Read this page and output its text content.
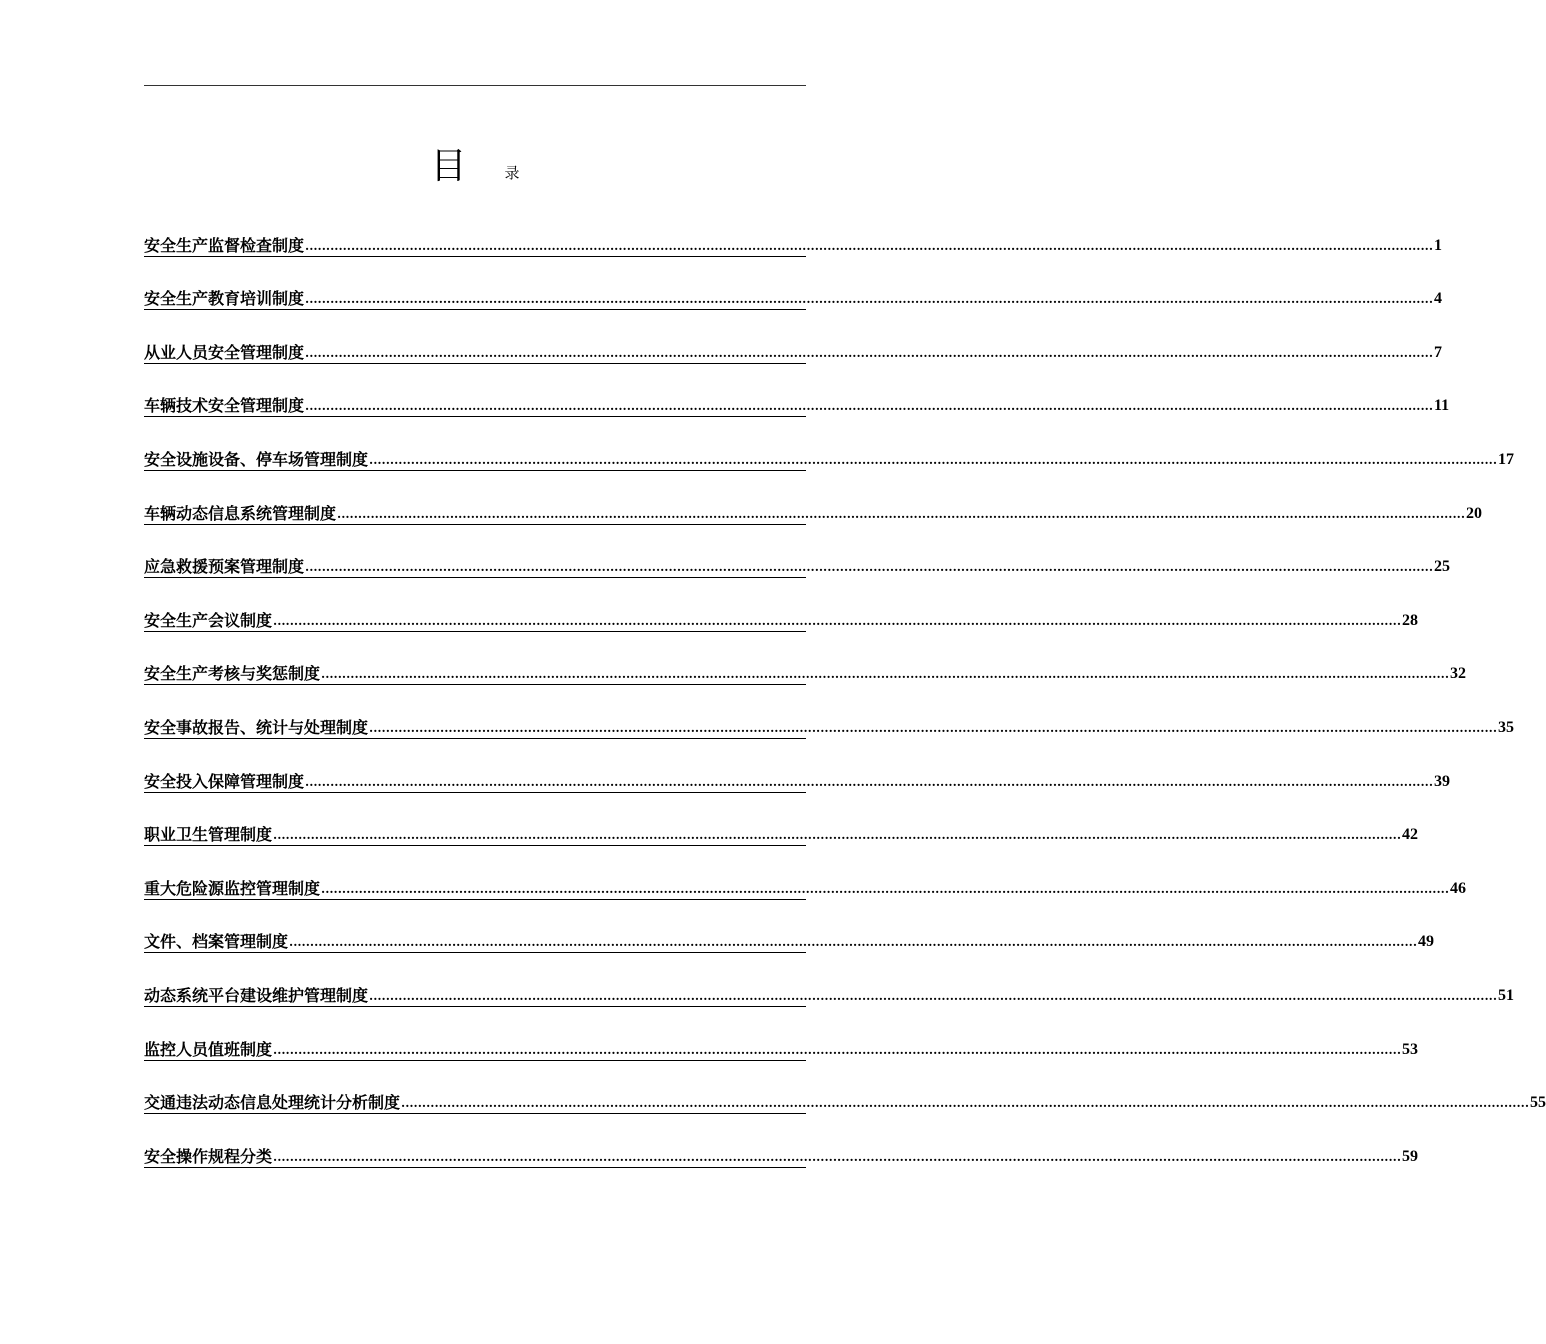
目	录
安全生产监督检查制度 .............................................................................................................................................................................................................................................................................. 1
安全生产教育培训制度 .............................................................................................................................................................................................................................................................................. 4
从业人员安全管理制度 .............................................................................................................................................................................................................................................................................. 7
车辆技术安全管理制度 .............................................................................................................................................................................................................................................................................. 11
安全设施设备、停车场管理制度 .............................................................................................................................................................................................................................................................................. 17
车辆动态信息系统管理制度 .............................................................................................................................................................................................................................................................................. 20
应急救援预案管理制度 .............................................................................................................................................................................................................................................................................. 25
安全生产会议制度 .............................................................................................................................................................................................................................................................................. 28
安全生产考核与奖惩制度 .............................................................................................................................................................................................................................................................................. 32
安全事故报告、统计与处理制度 .............................................................................................................................................................................................................................................................................. 35
安全投入保障管理制度 .............................................................................................................................................................................................................................................................................. 39
职业卫生管理制度 .............................................................................................................................................................................................................................................................................. 42
重大危险源监控管理制度 .............................................................................................................................................................................................................................................................................. 46
文件、档案管理制度 .............................................................................................................................................................................................................................................................................. 49
动态系统平台建设维护管理制度 .............................................................................................................................................................................................................................................................................. 51
监控人员值班制度 .............................................................................................................................................................................................................................................................................. 53
交通违法动态信息处理统计分析制度 .............................................................................................................................................................................................................................................................................. 55
安全操作规程分类 .............................................................................................................................................................................................................................................................................. 59
